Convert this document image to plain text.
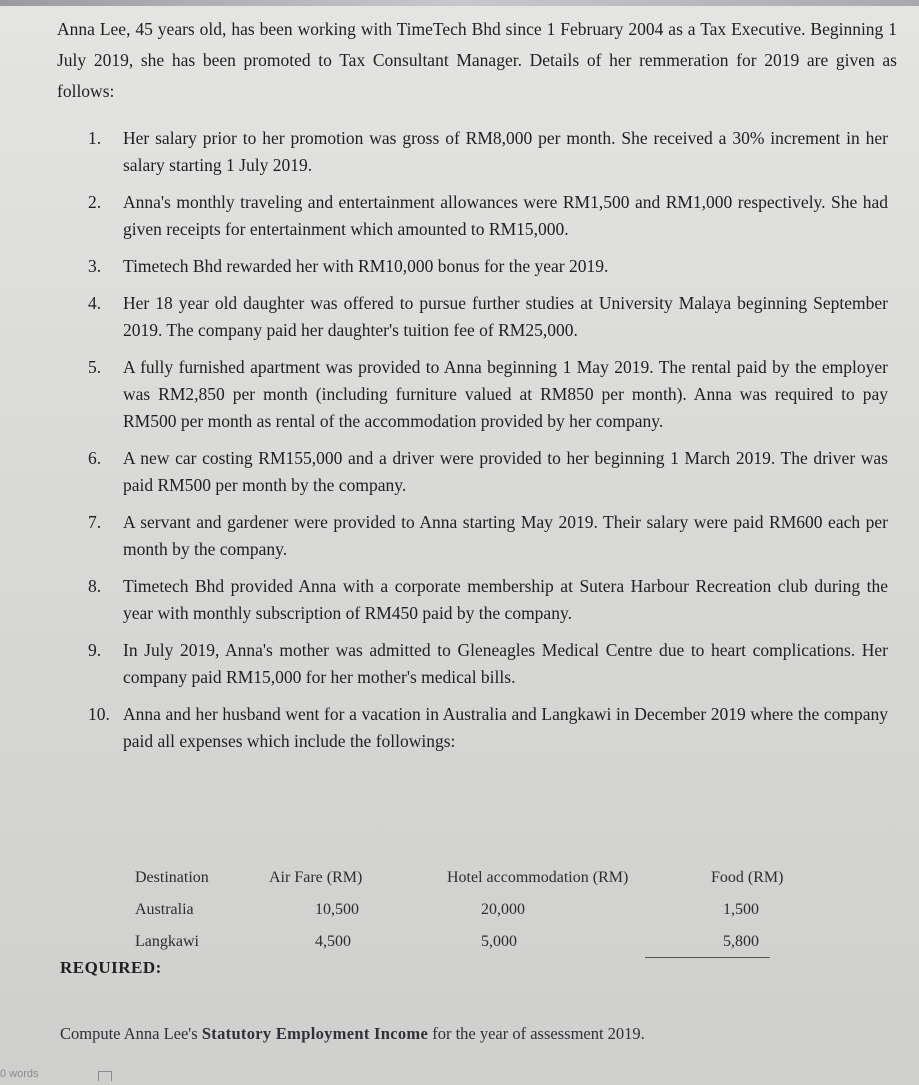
Anna Lee, 45 years old, has been working with TimeTech Bhd since 1 February 2004 as a Tax Executive. Beginning 1 July 2019, she has been promoted to Tax Consultant Manager. Details of her remmeration for 2019 are given as follows:

1. Her salary prior to her promotion was gross of RM8,000 per month. She received a 30% increment in her salary starting 1 July 2019.
2. Anna's monthly traveling and entertainment allowances were RM1,500 and RM1,000 respectively. She had given receipts for entertainment which amounted to RM15,000.
3. Timetech Bhd rewarded her with RM10,000 bonus for the year 2019.
4. Her 18 year old daughter was offered to pursue further studies at University Malaya beginning September 2019. The company paid her daughter's tuition fee of RM25,000.
5. A fully furnished apartment was provided to Anna beginning 1 May 2019. The rental paid by the employer was RM2,850 per month (including furniture valued at RM850 per month). Anna was required to pay RM500 per month as rental of the accommodation provided by her company.
6. A new car costing RM155,000 and a driver were provided to her beginning 1 March 2019. The driver was paid RM500 per month by the company.
7. A servant and gardener were provided to Anna starting May 2019. Their salary were paid RM600 each per month by the company.
8. Timetech Bhd provided Anna with a corporate membership at Sutera Harbour Recreation club during the year with monthly subscription of RM450 paid by the company.
9. In July 2019, Anna's mother was admitted to Gleneagles Medical Centre due to heart complications. Her company paid RM15,000 for her mother's medical bills.
10. Anna and her husband went for a vacation in Australia and Langkawi in December 2019 where the company paid all expenses which include the followings:
Destination	Air Fare (RM)	Hotel accommodation (RM)	Food (RM)
Australia	10,500	20,000	1,500
Langkawi	4,500	5,000	5,800
REQUIRED:
Compute Anna Lee's Statutory Employment Income for the year of assessment 2019.
0 words
